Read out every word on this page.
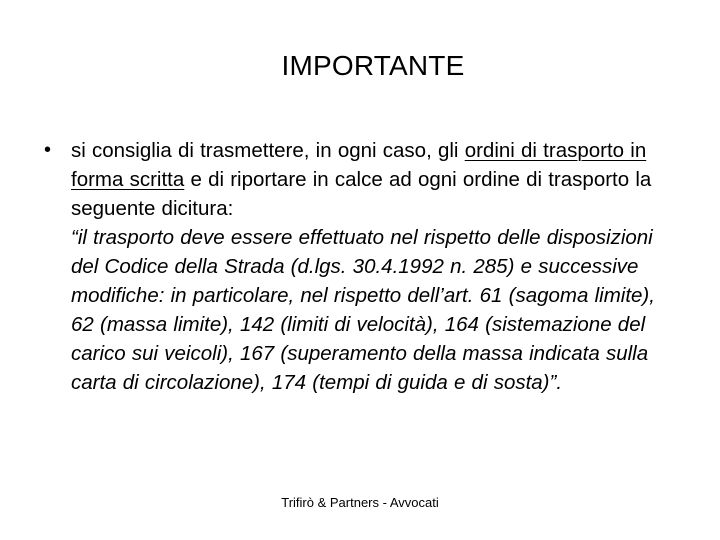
IMPORTANTE
• si consiglia di trasmettere, in ogni caso, gli ordini di trasporto in forma scritta e di riportare in calce ad ogni ordine di trasporto la seguente dicitura:
“il trasporto deve essere effettuato nel rispetto delle disposizioni del Codice della Strada (d.lgs. 30.4.1992 n. 285) e successive modifiche: in particolare, nel rispetto dell’art. 61 (sagoma limite), 62 (massa limite), 142 (limiti di velocità), 164 (sistemazione del carico sui veicoli), 167 (superamento della massa indicata sulla carta di circolazione), 174 (tempi di guida e di sosta)”.
Trifirò & Partners - Avvocati
